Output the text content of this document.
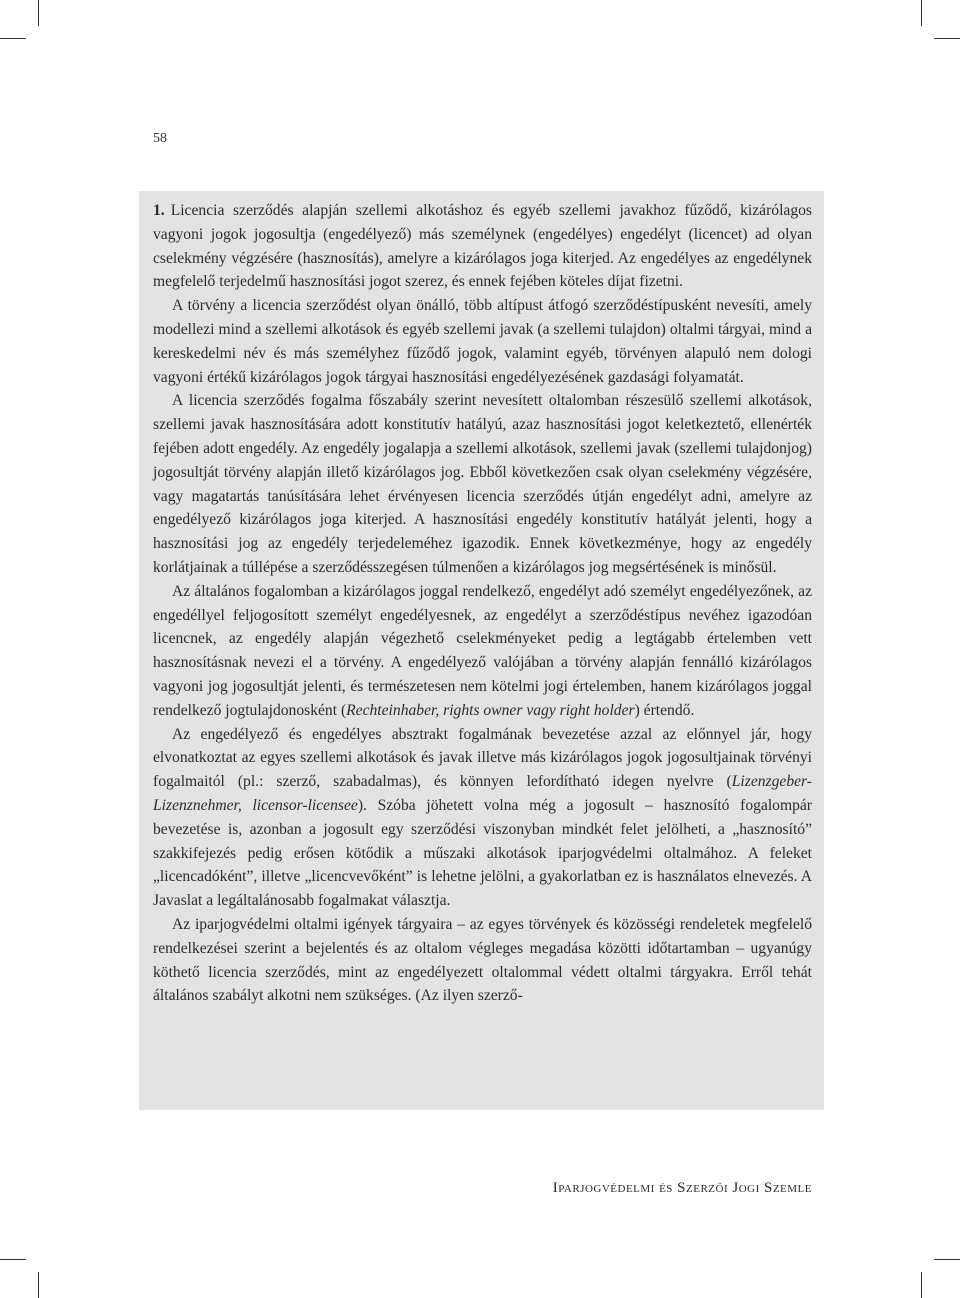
58

1. Licencia szerződés alapján szellemi alkotáshoz és egyéb szellemi javakhoz fűződő, kizárólagos vagyoni jogok jogosultja (engedélyező) más személynek (engedélyes) engedélyt (licencet) ad olyan cselekmény végzésére (hasznosítás), amelyre a kizárólagos joga kiterjed. Az engedélyes az engedélynek megfelelő terjedelmű hasznosítási jogot szerez, és ennek fejében köteles díjat fizetni.

A törvény a licencia szerződést olyan önálló, több altípust átfogó szerződéstípusként nevesíti, amely modellezi mind a szellemi alkotások és egyéb szellemi javak (a szellemi tulajdon) oltalmi tárgyai, mind a kereskedelmi név és más személyhez fűződő jogok, valamint egyéb, törvényen alapuló nem dologi vagyoni értékű kizárólagos jogok tárgyai hasznosítási engedélyezésének gazdasági folyamatát.

A licencia szerződés fogalma főszabály szerint nevesített oltalomban részesülő szellemi alkotások, szellemi javak hasznosítására adott konstitutív hatályú, azaz hasznosítási jogot keletkeztető, ellenérték fejében adott engedély. Az engedély jogalapja a szellemi alkotások, szellemi javak (szellemi tulajdonjog) jogosultját törvény alapján illető kizárólagos jog. Ebből következően csak olyan cselekmény végzésére, vagy magatartás tanúsítására lehet érvényesen licencia szerződés útján engedélyt adni, amelyre az engedélyező kizárólagos joga kiterjed. A hasznosítási engedély konstitutív hatályát jelenti, hogy a hasznosítási jog az engedély terjedeleméhez igazodik. Ennek következménye, hogy az engedély korlátjainak a túllépése a szerződésszegésen túlmenően a kizárólagos jog megsértésének is minősül.

Az általános fogalomban a kizárólagos joggal rendelkező, engedélyt adó személyt engedélyezőnek, az engedéllyel feljogosított személyt engedélyesnek, az engedélyt a szerződéstípus nevéhez igazodóan licencnek, az engedély alapján végezhető cselekményeket pedig a legtágabb értelemben vett hasznosításnak nevezi el a törvény. A engedélyező valójában a törvény alapján fennálló kizárólagos vagyoni jog jogosultját jelenti, és természetesen nem kötelmi jogi értelemben, hanem kizárólagos joggal rendelkező jogtulajdonosként (Rechteinhaber, rights owner vagy right holder) értendő.

Az engedélyező és engedélyes absztrakt fogalmának bevezetése azzal az előnnyel jár, hogy elvonatkoztat az egyes szellemi alkotások és javak illetve más kizárólagos jogok jogosultjainak törvényi fogalmaitól (pl.: szerző, szabadalmas), és könnyen lefordítható idegen nyelvre (Lizenzgeber-Lizenznehmer, licensor-licensee). Szóba jöhetett volna még a jogosult – hasznosító fogalompár bevezetése is, azonban a jogosult egy szerződési viszonyban mindkét felet jelölheti, a „hasznosító” szakkifejezés pedig erősen kötődik a műszaki alkotások iparjogvédelmi oltalmához. A feleket „licencadóként”, illetve „licencvevőként” is lehetne jelölni, a gyakorlatban ez is használatos elnevezés. A Javaslat a legáltalánosabb fogalmakat választja.

Az iparjogvédelmi oltalmi igények tárgyaira – az egyes törvények és közösségi rendeletek megfelelő rendelkezései szerint a bejelentés és az oltalom végleges megadása közötti időtartamban – ugyanúgy köthető licencia szerződés, mint az engedélyezett oltalommal védett oltalmi tárgyakra. Erről tehát általános szabályt alkotni nem szükséges. (Az ilyen szerző-

Iparjogvédelmi és Szerzői Jogi Szemle
